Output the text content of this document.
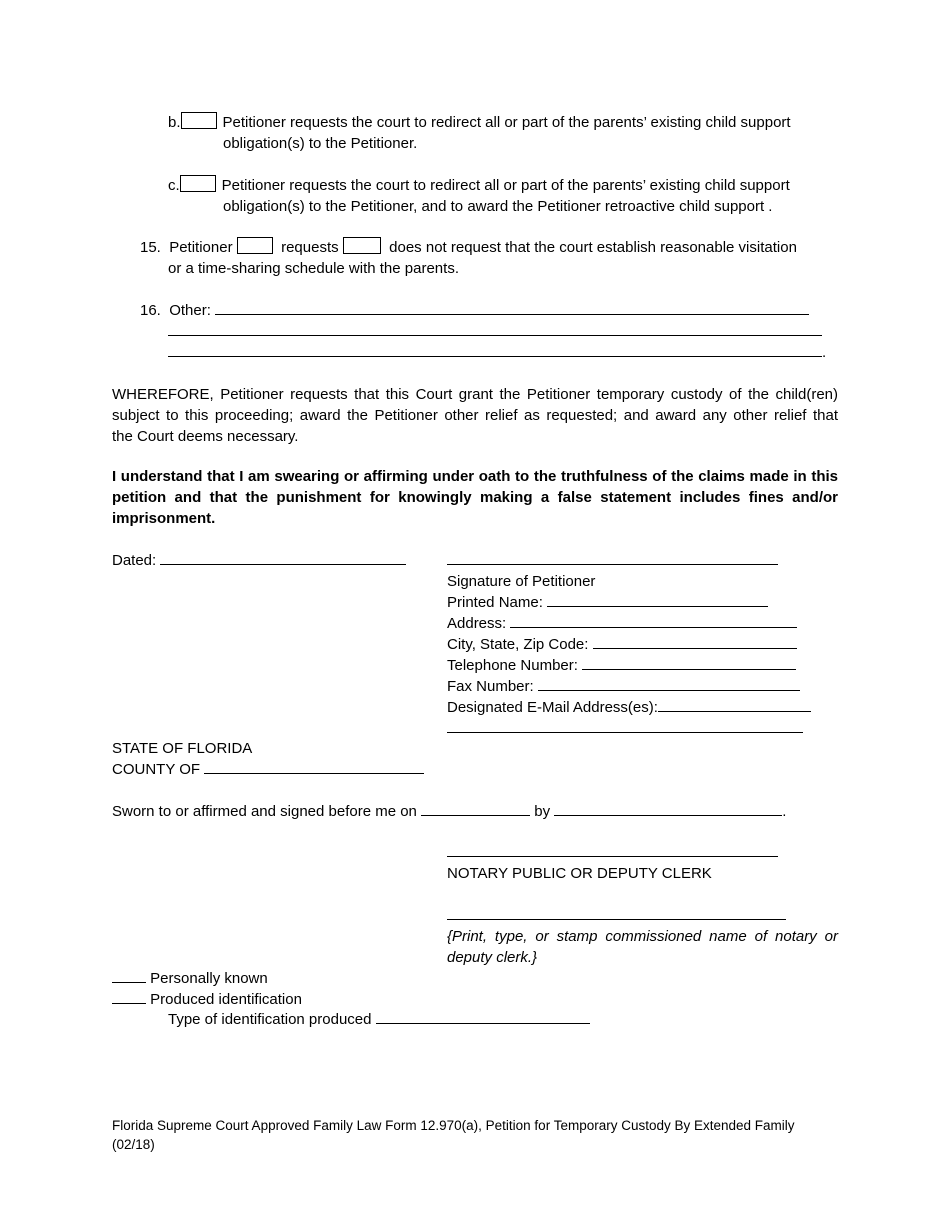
b.	Petitioner requests the court to redirect all or part of the parents’ existing child support
obligation(s) to the Petitioner.
c.	Petitioner requests the court to redirect all or part of the parents’ existing child support
obligation(s) to the Petitioner, and to award the Petitioner retroactive child support .
15. Petitioner	requests	does not request that the court establish reasonable visitation
or a time-sharing schedule with the parents.
16. Other:
.
WHEREFORE, Petitioner requests that this Court grant the Petitioner temporary custody of the child(ren)
subject to this proceeding; award the Petitioner other relief as requested; and award any other relief that
the Court deems necessary.
I understand that I am swearing or affirming under oath to the truthfulness of the claims made in this
petition and that the punishment for knowingly making a false statement includes fines and/or
imprisonment.
Dated:
Signature of Petitioner
Printed Name:
Address:
City, State, Zip Code:
Telephone Number:
Fax Number:
Designated E-Mail Address(es):
STATE OF FLORIDA
COUNTY OF
Sworn to or affirmed and signed before me on	by	.
NOTARY PUBLIC OR DEPUTY CLERK
{Print, type, or stamp commissioned name of notary or
deputy clerk.}
Personally known
Produced identification
Type of identification produced
Florida Supreme Court Approved Family Law Form 12.970(a), Petition for Temporary Custody By Extended Family
(02/18)
